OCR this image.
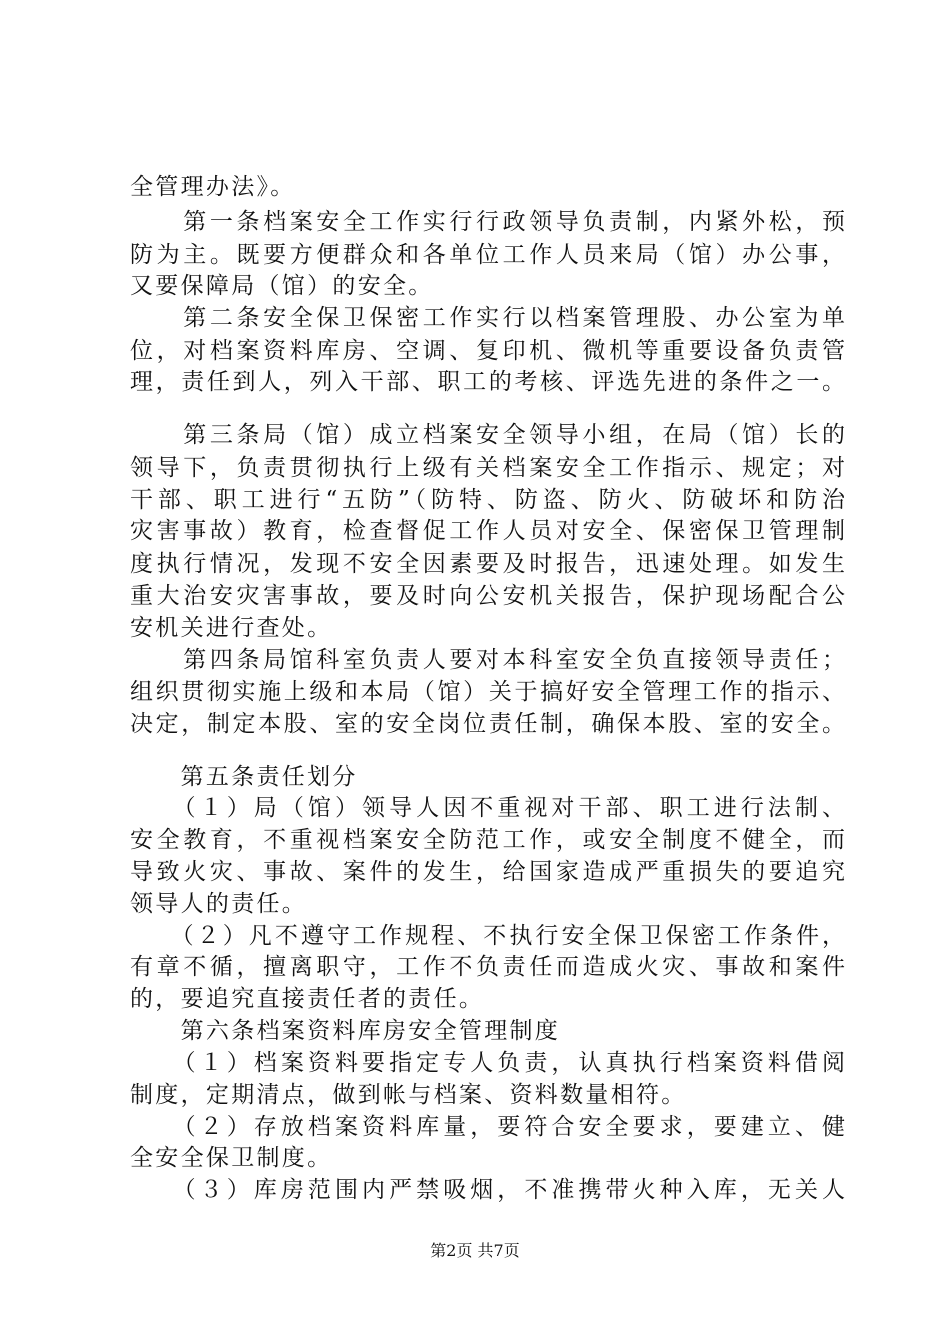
全管理办法》。
　　第一条档案安全工作实行行政领导负责制，内紧外松，预
防为主。既要方便群众和各单位工作人员来局（馆）办公事，
又要保障局（馆）的安全。
　　第二条安全保卫保密工作实行以档案管理股、办公室为单
位，对档案资料库房、空调、复印机、微机等重要设备负责管
理，责任到人，列入干部、职工的考核、评选先进的条件之一。
　　第三条局（馆）成立档案安全领导小组，在局（馆）长的
领导下，负责贯彻执行上级有关档案安全工作指示、规定；对
干部、职工进行“五防”（防特、防盗、防火、防破坏和防治
灾害事故）教育，检查督促工作人员对安全、保密保卫管理制
度执行情况，发现不安全因素要及时报告，迅速处理。如发生
重大治安灾害事故，要及时向公安机关报告，保护现场配合公
安机关进行查处。
　　第四条局馆科室负责人要对本科室安全负直接领导责任；
组织贯彻实施上级和本局（馆）关于搞好安全管理工作的指示、
决定，制定本股、室的安全岗位责任制，确保本股、室的安全。
　　第五条责任划分
　　（１）局（馆）领导人因不重视对干部、职工进行法制、
安全教育，不重视档案安全防范工作，或安全制度不健全，而
导致火灾、事故、案件的发生，给国家造成严重损失的要追究
领导人的责任。
　　（２）凡不遵守工作规程、不执行安全保卫保密工作条件，
有章不循，擅离职守，工作不负责任而造成火灾、事故和案件
的，要追究直接责任者的责任。
　　第六条档案资料库房安全管理制度
　　（１）档案资料要指定专人负责，认真执行档案资料借阅
制度，定期清点，做到帐与档案、资料数量相符。
　　（２）存放档案资料库量，要符合安全要求，要建立、健
全安全保卫制度。
　　（３）库房范围内严禁吸烟，不准携带火种入库，无关人
第2页 共7页
